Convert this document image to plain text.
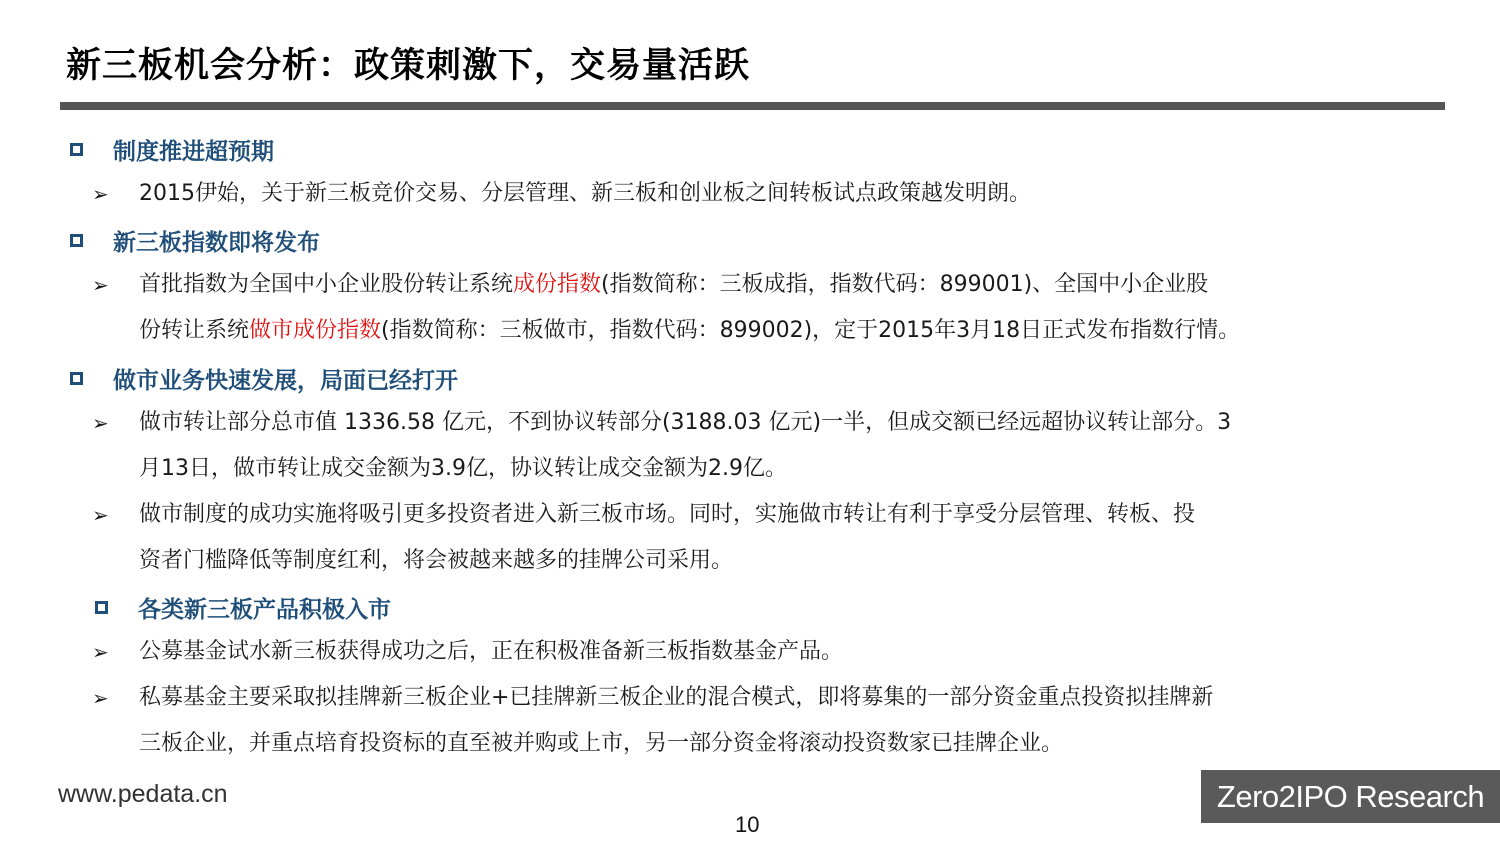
新三板机会分析：政策刺激下，交易量活跃
制度推进超预期
➢	2015伊始，关于新三板竞价交易、分层管理、新三板和创业板之间转板试点政策越发明朗。
新三板指数即将发布
➢	首批指数为全国中小企业股份转让系统成份指数(指数简称：三板成指，指数代码：899001)、全国中小企业股
份转让系统做市成份指数(指数简称：三板做市，指数代码：899002)，定于2015年3月18日正式发布指数行情。
做市业务快速发展，局面已经打开
➢	做市转让部分总市值 1336.58 亿元，不到协议转部分(3188.03 亿元)一半，但成交额已经远超协议转让部分。3
月13日，做市转让成交金额为3.9亿，协议转让成交金额为2.9亿。
➢	做市制度的成功实施将吸引更多投资者进入新三板市场。同时，实施做市转让有利于享受分层管理、转板、投
资者门槛降低等制度红利，将会被越来越多的挂牌公司采用。
各类新三板产品积极入市
➢	公募基金试水新三板获得成功之后，正在积极准备新三板指数基金产品。
➢	私募基金主要采取拟挂牌新三板企业+已挂牌新三板企业的混合模式，即将募集的一部分资金重点投资拟挂牌新
三板企业，并重点培育投资标的直至被并购或上市，另一部分资金将滚动投资数家已挂牌企业。
www.pedata.cn
10
Zero2IPO Research
